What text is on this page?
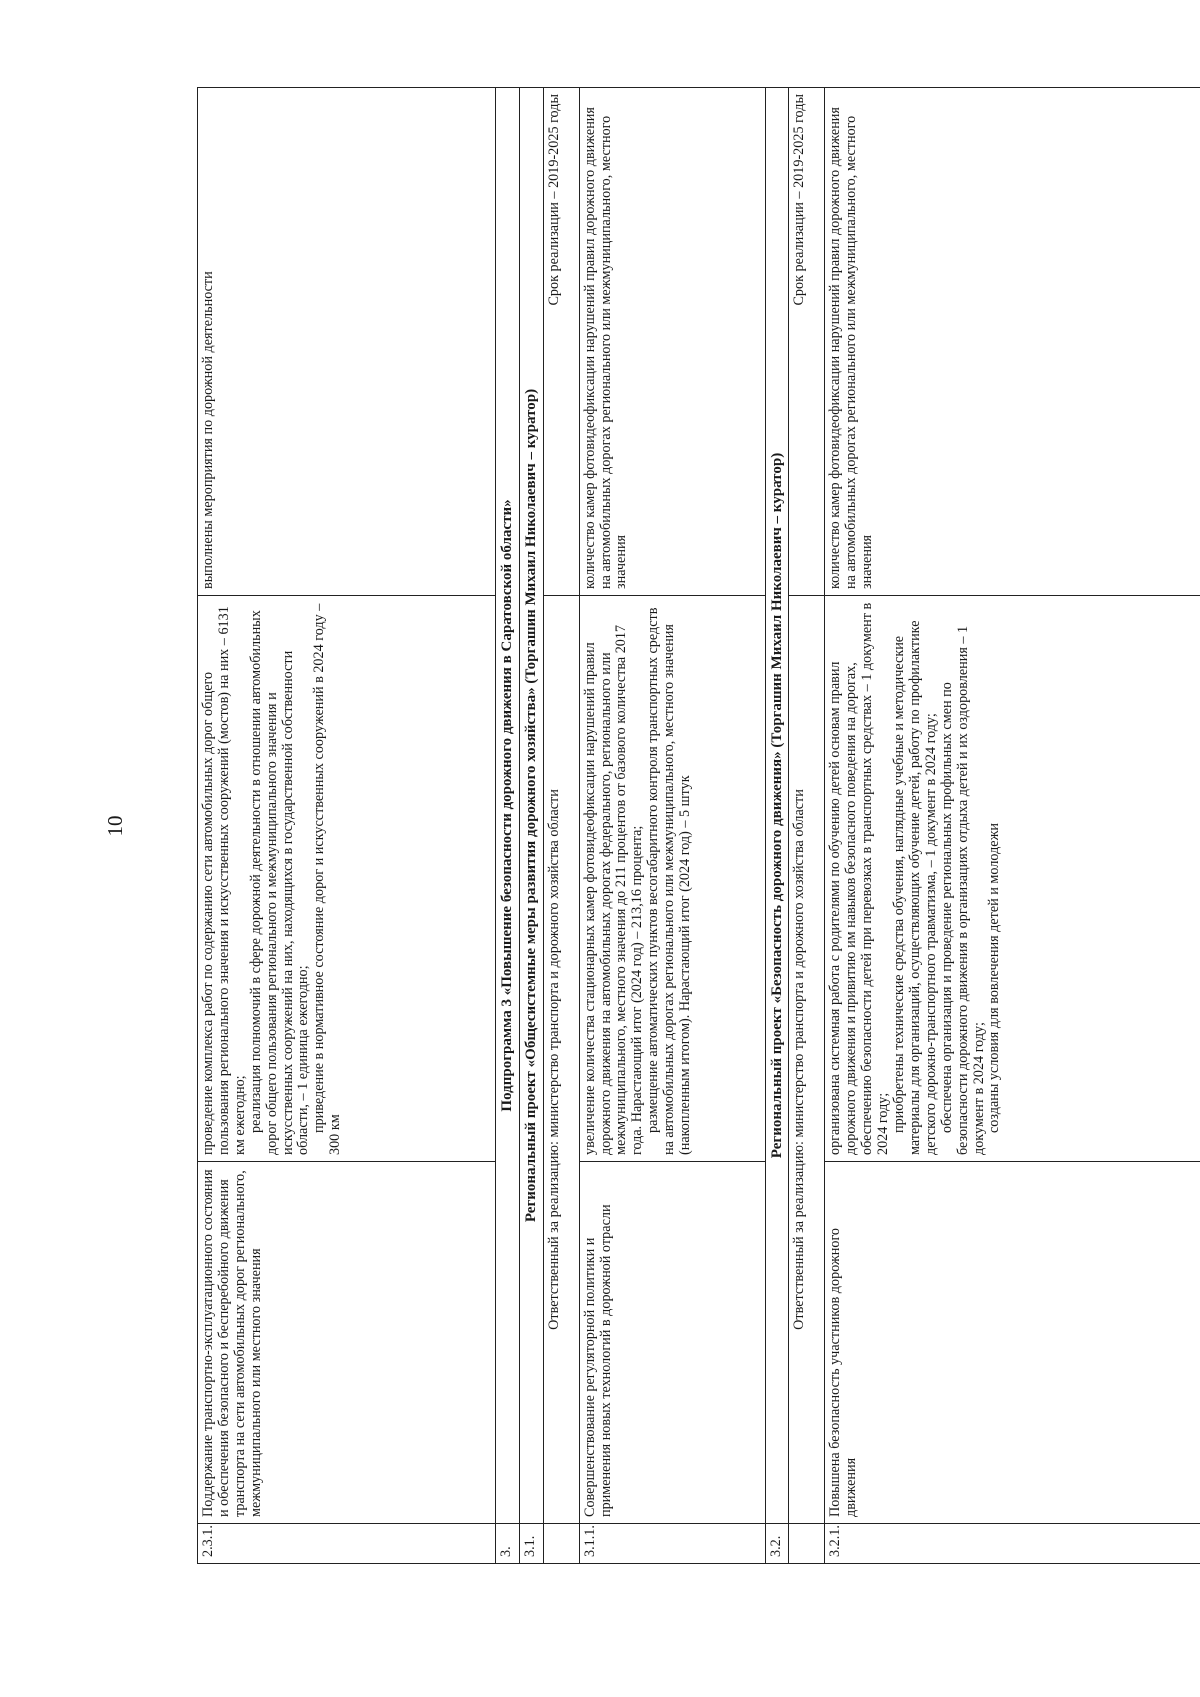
10
2.3.1.	Поддержание транспортно-эксплуатационного состояния и обеспечения безопасного и бесперебойного движения транспорта на сети автомобильных дорог регионального, межмуниципального или местного значения	проведение комплекса работ по содержанию сети автомобильных дорог общего пользования регионального значения и искусственных сооружений (мостов) на них – 6131 км ежегодно; реализация полномочий в сфере дорожной деятельности в отношении автомобильных дорог общего пользования регионального и межмуниципального значения и искусственных сооружений на них, находящихся в государственной собственности области, – 1 единица ежегодно; приведение в нормативное состояние дорог и искусственных сооружений в 2024 году – 300 км	выполнены мероприятия по дорожной деятельности
3.	Подпрограмма 3 «Повышение безопасности дорожного движения в Саратовской области»		
3.1.	Региональный проект «Общесистемные меры развития дорожного хозяйства» (Торгашин Михаил Николаевич – куратор)		
	Ответственный за реализацию: министерство транспорта и дорожного хозяйства области		Срок реализации – 2019-2025 годы
3.1.1.	Совершенствование регуляторной политики и применения новых технологий в дорожной отрасли	увеличение количества стационарных камер фотовидеофиксации нарушений правил дорожного движения на автомобильных дорогах федерального, регионального или межмуниципального, местного значения до 211 процентов от базового количества 2017 года. Нарастающий итог (2024 год) – 213,16 процента; размещение автоматических пунктов весогабаритного контроля транспортных средств на автомобильных дорогах регионального или межмуниципального, местного значения (накопленным итогом). Нарастающий итог (2024 год) – 5 штук	количество камер фотовидеофиксации нарушений правил дорожного движения на автомобильных дорогах регионального или межмуниципального, местного значения
3.2.	Региональный проект «Безопасность дорожного движения» (Торгашин Михаил Николаевич – куратор)		
	Ответственный за реализацию: министерство транспорта и дорожного хозяйства области		Срок реализации – 2019-2025 годы
3.2.1.	Повышена безопасность участников дорожного движения	организована системная работа с родителями по обучению детей основам правил дорожного движения и привитию им навыков безопасного поведения на дорогах, обеспечению безопасности детей при перевозках в транспортных средствах – 1 документ в 2024 году; приобретены технические средства обучения, наглядные учебные и методические материалы для организаций, осуществляющих обучение детей, работу по профилактике детского дорожно-транспортного травматизма, – 1 документ в 2024 году; обеспечена организация и проведение региональных профильных смен по безопасности дорожного движения в организациях отдыха детей и их оздоровления – 1 документ в 2024 году; созданы условия для вовлечения детей и молодежи	количество камер фотовидеофиксации нарушений правил дорожного движения на автомобильных дорогах регионального или межмуниципального, местного значения
